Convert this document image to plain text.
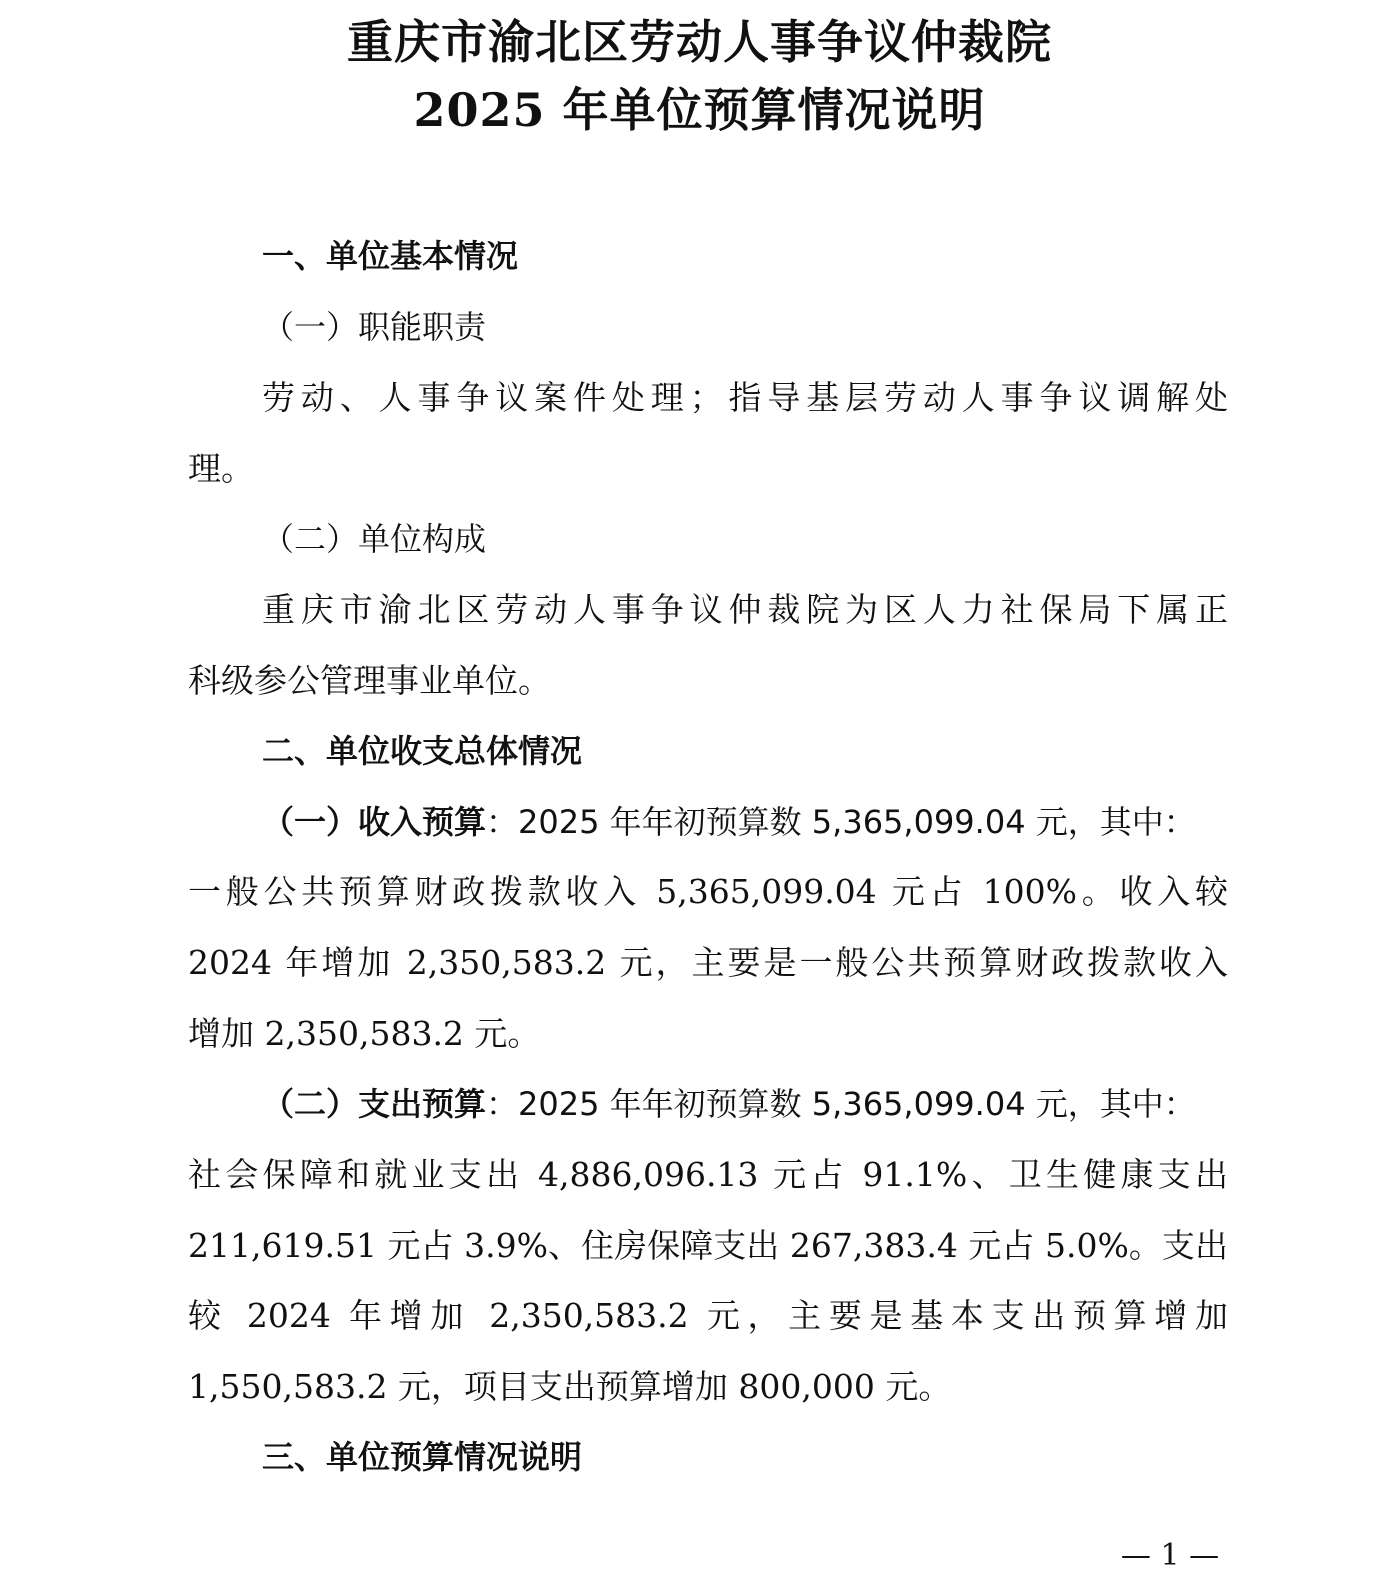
重庆市渝北区劳动人事争议仲裁院
2025 年单位预算情况说明
一、单位基本情况
（一）职能职责
劳动、人事争议案件处理；指导基层劳动人事争议调解处
理。
（二）单位构成
重庆市渝北区劳动人事争议仲裁院为区人力社保局下属正
科级参公管理事业单位。
二、单位收支总体情况
（一）收入预算：2025 年年初预算数 5,365,099.04 元，其中：
一般公共预算财政拨款收入 5,365,099.04 元占 100%。收入较
2024 年增加 2,350,583.2 元，主要是一般公共预算财政拨款收入
增加 2,350,583.2 元。
（二）支出预算：2025 年年初预算数 5,365,099.04 元，其中：
社会保障和就业支出 4,886,096.13 元占 91.1%、卫生健康支出
211,619.51 元占 3.9%、住房保障支出 267,383.4 元占 5.0%。支出
较 2024 年增加 2,350,583.2 元，主要是基本支出预算增加
1,550,583.2 元，项目支出预算增加 800,000 元。
三、单位预算情况说明
— 1 —
